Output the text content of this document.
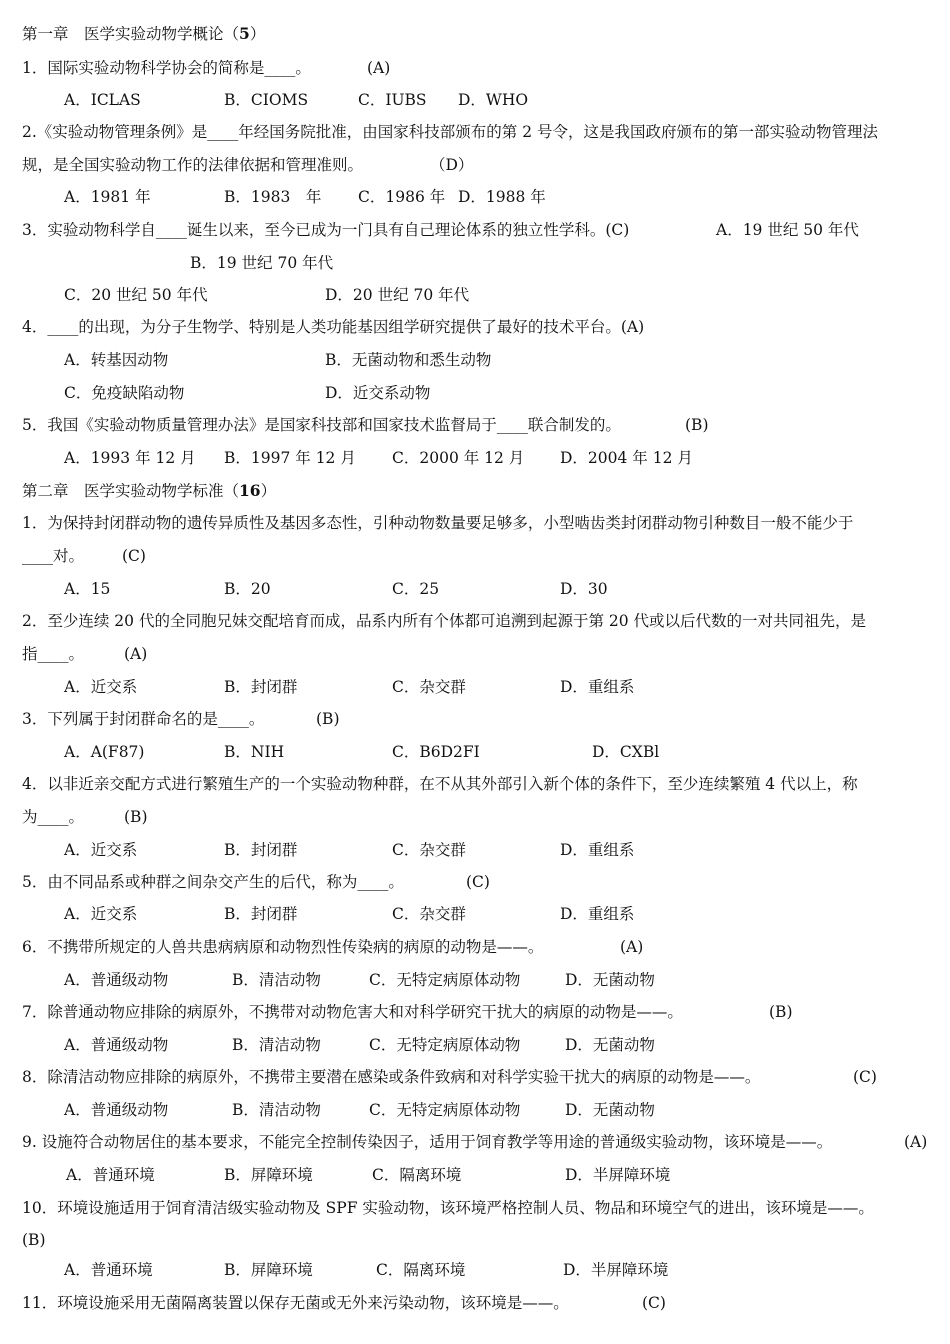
第一章　医学实验动物学概论（5）
1．国际实验动物科学协会的简称是____。	(A)
A．ICLAS	B．CIOMS	C．IUBS D．WHO
2.《实验动物管理条例》是____年经国务院批准，由国家科技部颁布的第 2 号令，这是我国政府颁布的第一部实验动物管理法
规，是全国实验动物工作的法律依据和管理准则。	（D）
A．1981 年	B．1983　年 C．1986 年 D．1988 年
3．实验动物科学自____诞生以来，至今已成为一门具有自己理论体系的独立性学科。(C)	A．19 世纪 50 年代
B．19 世纪 70 年代
C．20 世纪 50 年代	D．20 世纪 70 年代
4．____的出现，为分子生物学、特别是人类功能基因组学研究提供了最好的技术平台。(A)
A．转基因动物	B．无菌动物和悉生动物
C．免疫缺陷动物	D．近交系动物
5．我国《实验动物质量管理办法》是国家科技部和国家技术监督局于____联合制发的。	(B)
A．1993 年 12 月 B．1997 年 12 月 C．2000 年 12 月 D．2004 年 12 月
第二章　医学实验动物学标准（16）
1．为保持封闭群动物的遗传异质性及基因多态性，引种动物数量要足够多，小型啮齿类封闭群动物引种数目一般不能少于
____对。 (C)
A．15	B．20	C．25	D．30
2．至少连续 20 代的全同胞兄妹交配培育而成，品系内所有个体都可追溯到起源于第 20 代或以后代数的一对共同祖先，是
指____。	(A)
A．近交系	B．封闭群	C．杂交群	D．重组系
3．下列属于封闭群命名的是____。	(B)
A．A(F87)	B．NIH	C．B6D2FI	D．CXBl
4．以非近亲交配方式进行繁殖生产的一个实验动物种群，在不从其外部引入新个体的条件下，至少连续繁殖 4 代以上，称
为____。	(B)
A．近交系	B．封闭群	C．杂交群	D．重组系
5．由不同品系或种群之间杂交产生的后代，称为____。	(C)
A．近交系	B．封闭群	C．杂交群	D．重组系
6．不携带所规定的人兽共患病病原和动物烈性传染病的病原的动物是——。	(A)
A．普通级动物	B．清洁动物	C．无特定病原体动物	D．无菌动物
7．除普通动物应排除的病原外，不携带对动物危害大和对科学研究干扰大的病原的动物是——。	(B)
A．普通级动物	B．清洁动物	C．无特定病原体动物	D．无菌动物
8．除清洁动物应排除的病原外，不携带主要潜在感染或条件致病和对科学实验干扰大的病原的动物是——。	(C)
A．普通级动物	B．清洁动物	C．无特定病原体动物	D．无菌动物
9. 设施符合动物居住的基本要求，不能完全控制传染因子，适用于饲育教学等用途的普通级实验动物，该环境是——。	(A)
A．普通环境	B．屏障环境	C．隔离环境	D．半屏障环境
10．环境设施适用于饲育清洁级实验动物及 SPF 实验动物，该环境严格控制人员、物品和环境空气的进出，该环境是——。
(B)
A．普通环境	B．屏障环境	C．隔离环境	D．半屏障环境
11．环境设施采用无菌隔离装置以保存无菌或无外来污染动物，该环境是——。	(C)
